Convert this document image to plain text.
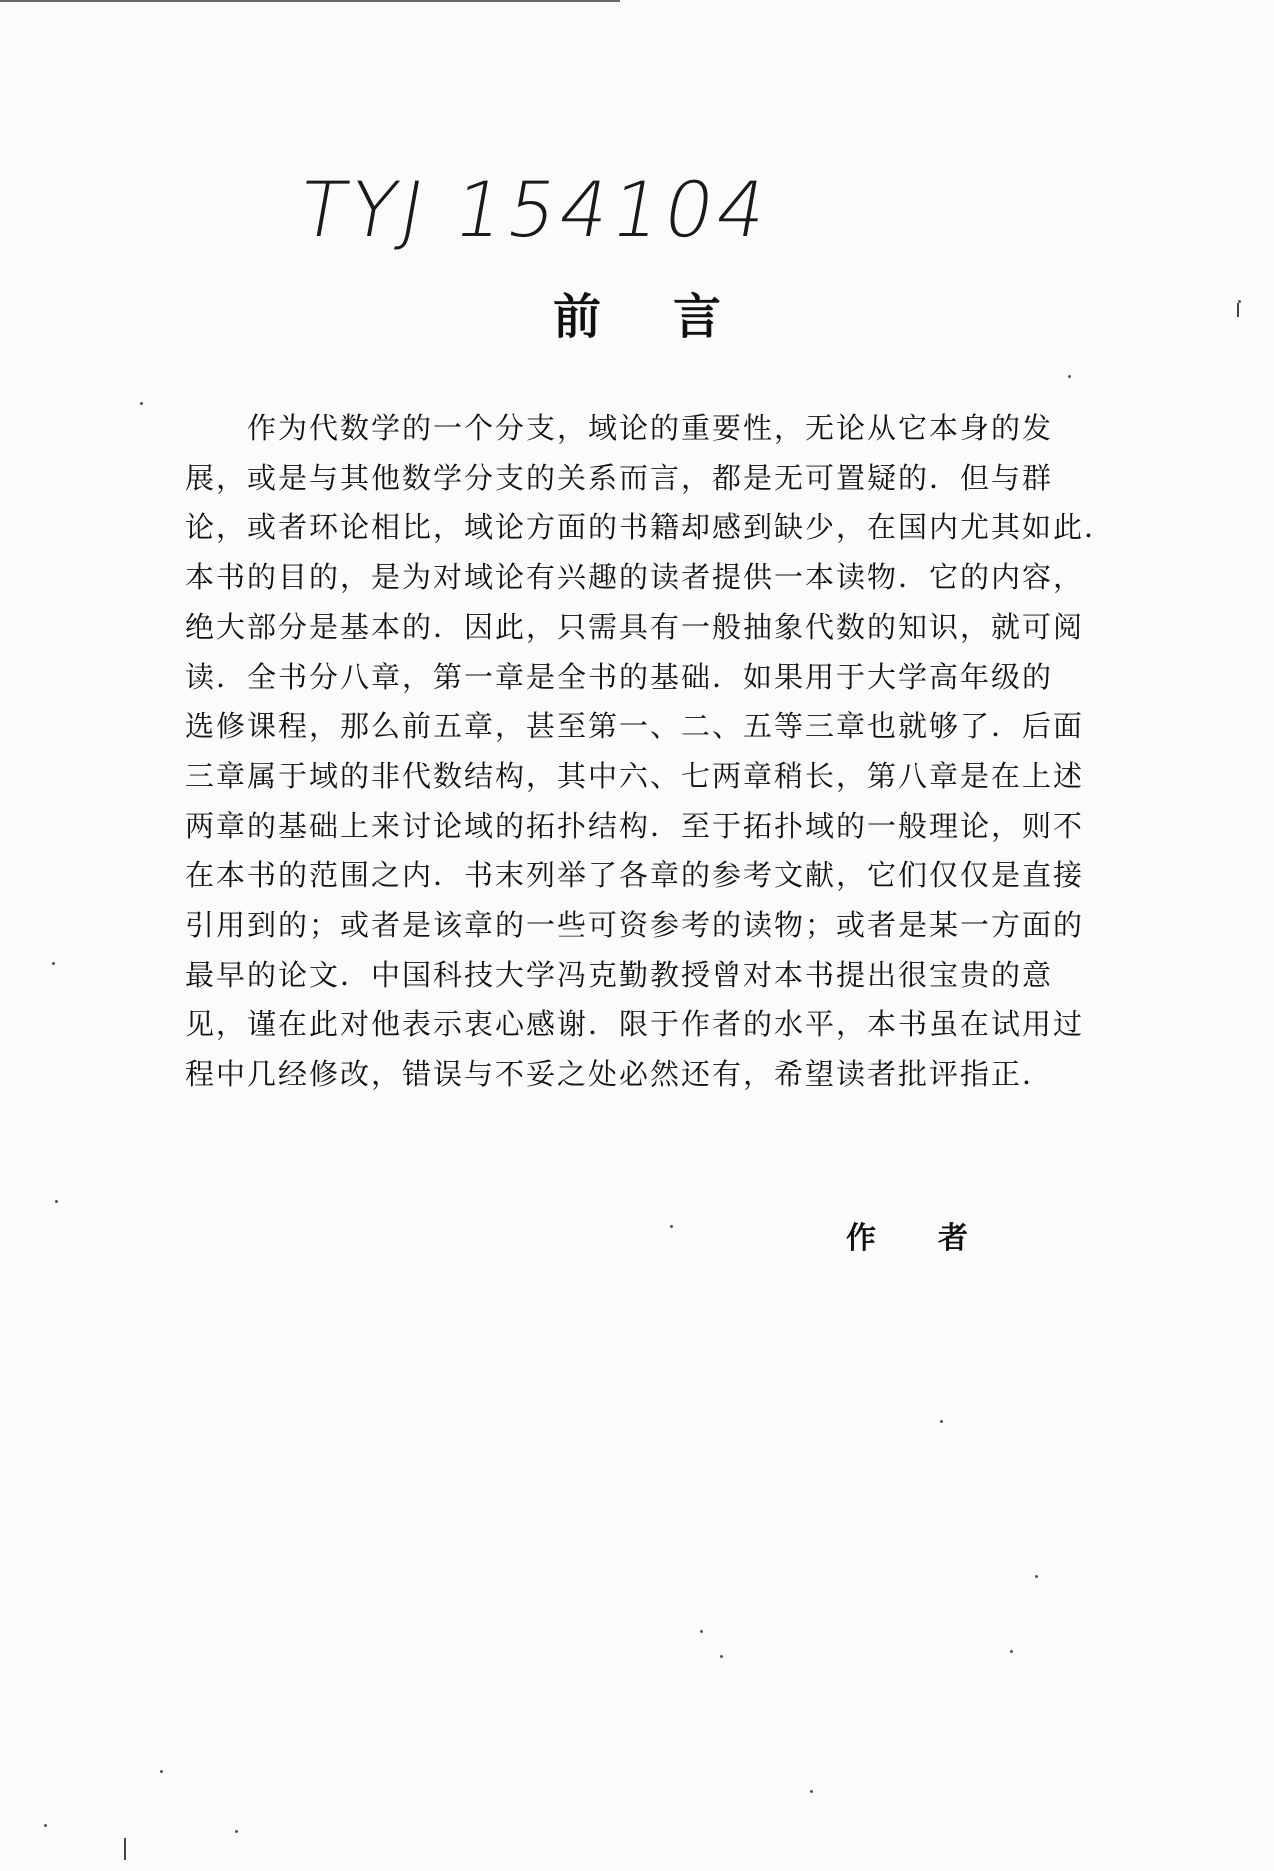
TYJ 154104
前言
　　作为代数学的一个分支，域论的重要性，无论从它本身的发
展，或是与其他数学分支的关系而言，都是无可置疑的．但与群
论，或者环论相比，域论方面的书籍却感到缺少，在国内尤其如此．
本书的目的，是为对域论有兴趣的读者提供一本读物．它的内容，
绝大部分是基本的．因此，只需具有一般抽象代数的知识，就可阅
读．全书分八章，第一章是全书的基础．如果用于大学高年级的
选修课程，那么前五章，甚至第一、二、五等三章也就够了．后面
三章属于域的非代数结构，其中六、七两章稍长，第八章是在上述
两章的基础上来讨论域的拓扑结构．至于拓扑域的一般理论，则不
在本书的范围之内．书末列举了各章的参考文献，它们仅仅是直接
引用到的；或者是该章的一些可资参考的读物；或者是某一方面的
最早的论文．中国科技大学冯克勤教授曾对本书提出很宝贵的意
见，谨在此对他表示衷心感谢．限于作者的水平，本书虽在试用过
程中几经修改，错误与不妥之处必然还有，希望读者批评指正．
作者
